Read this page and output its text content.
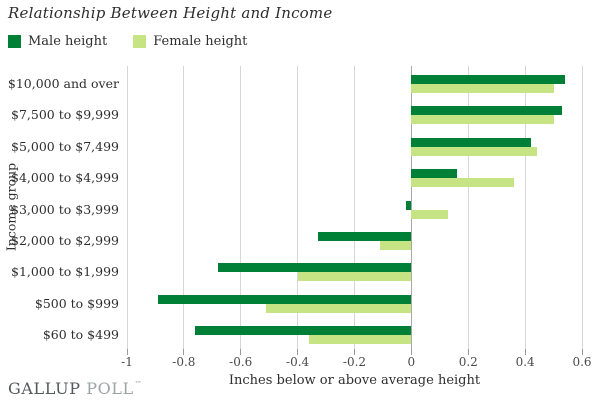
Relationship Between Height and Income
Male height	Female height
Income group
-1	-0.8	-0.6	-0.4	-0.2	0	0.2	0.4	0.6
Inches below or above average height
GALLUP POLL™
$10,000 and over
$7,500 to $9,999
$5,000 to $7,499
$4,000 to $4,999
$3,000 to $3,999
$2,000 to $2,999
$1,000 to $1,999
$500 to $999
$60 to $499
